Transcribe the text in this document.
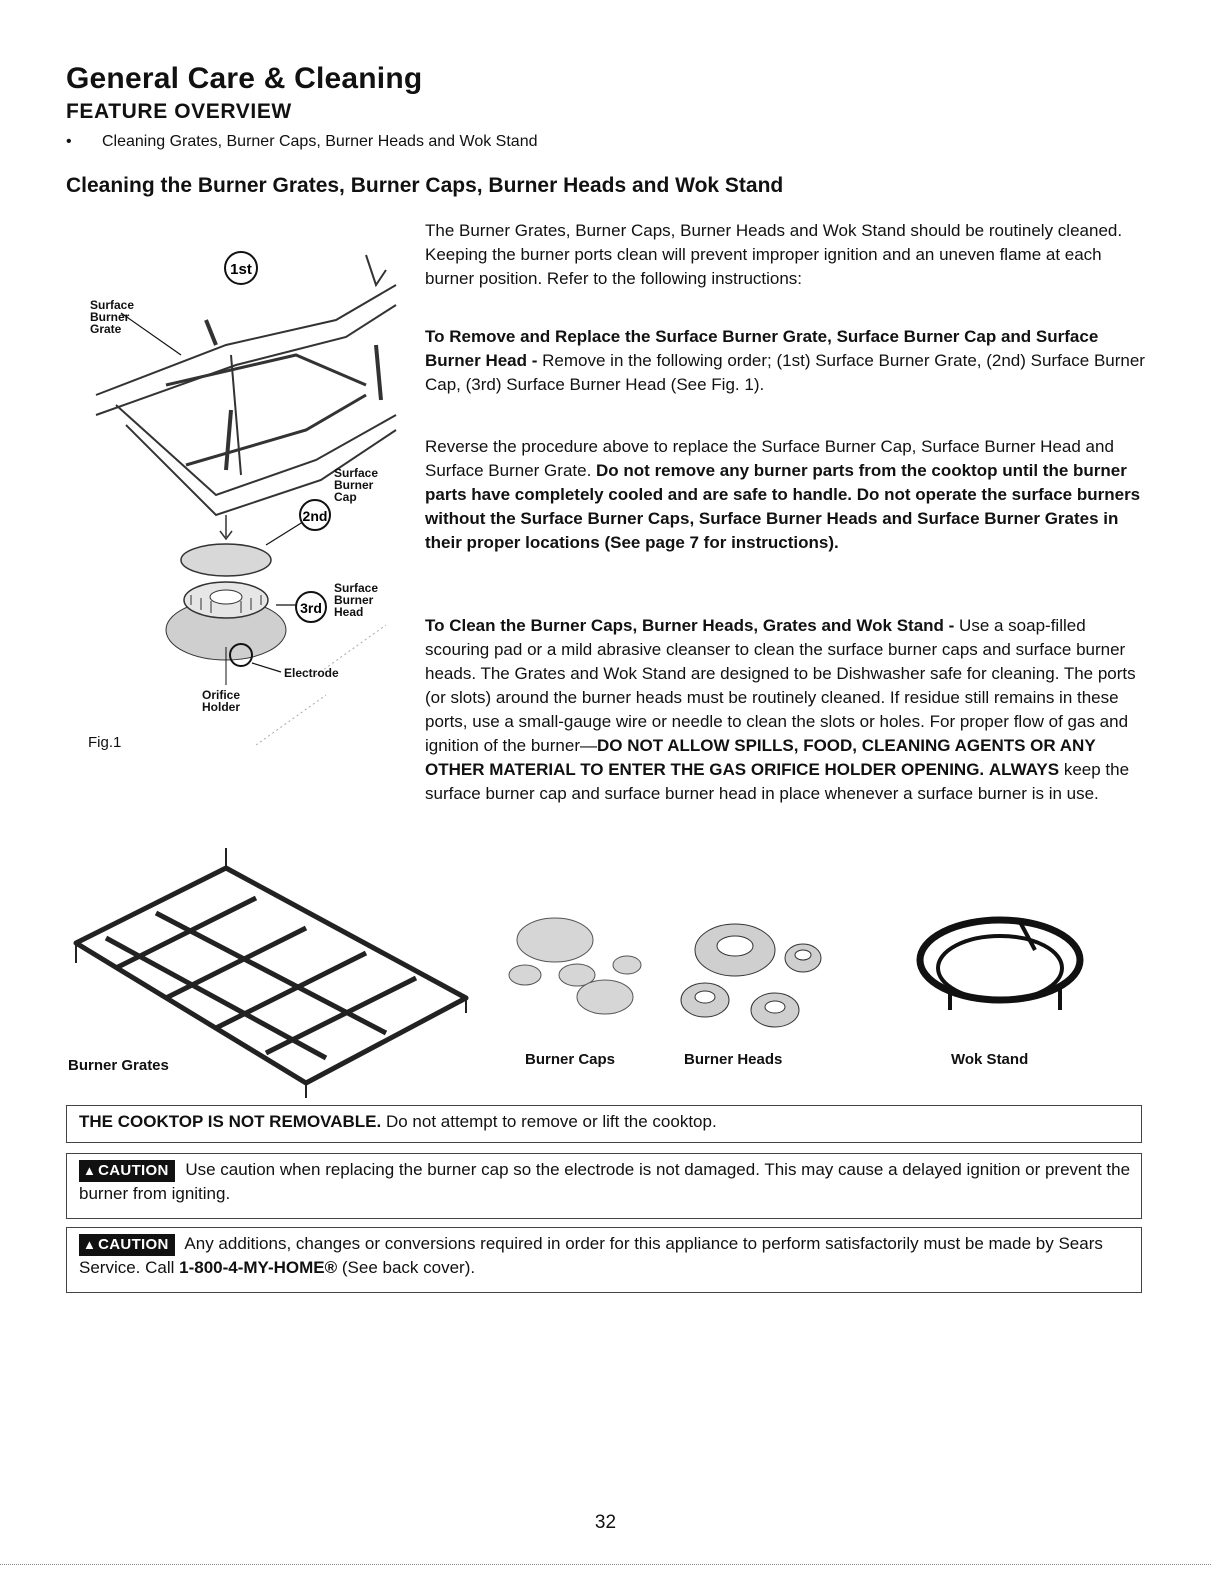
General Care & Cleaning
FEATURE OVERVIEW
• Cleaning Grates, Burner Caps, Burner Heads and Wok Stand
Cleaning the Burner Grates, Burner Caps, Burner Heads and Wok Stand
The Burner Grates, Burner Caps, Burner Heads and Wok Stand should be routinely cleaned. Keeping the burner ports clean will prevent improper ignition and an uneven flame at each burner position. Refer to the following instructions:
To Remove and Replace the Surface Burner Grate, Surface Burner Cap and Surface Burner Head - Remove in the following order; (1st) Surface Burner Grate, (2nd) Surface Burner Cap, (3rd) Surface Burner Head (See Fig. 1).
Reverse the procedure above to replace the Surface Burner Cap, Surface Burner Head and Surface Burner Grate. Do not remove any burner parts from the cooktop until the burner parts have completely cooled and are safe to handle. Do not operate the surface burners without the Surface Burner Caps, Surface Burner Heads and Surface Burner Grates in their proper locations (See page 7 for instructions).
To Clean the Burner Caps, Burner Heads, Grates and Wok Stand - Use a soap-filled scouring pad or a mild abrasive cleanser to clean the surface burner caps and surface burner heads. The Grates and Wok Stand are designed to be Dishwasher safe for cleaning. The ports (or slots) around the burner heads must be routinely cleaned. If residue still remains in these ports, use a small-gauge wire or needle to clean the slots or holes. For proper flow of gas and ignition of the burner—DO NOT ALLOW SPILLS, FOOD, CLEANING AGENTS OR ANY OTHER MATERIAL TO ENTER THE GAS ORIFICE HOLDER OPENING. ALWAYS keep the surface burner cap and surface burner head in place whenever a surface burner is in use.
1st
2nd
3rd
Surface
Burner
Grate
Surface
Burner
Cap
Surface
Burner
Head
Electrode
Orifice
Holder
Fig.1
Burner Grates	Burner Caps	Burner Heads	Wok Stand
THE COOKTOP IS NOT REMOVABLE. Do not attempt to remove or lift the cooktop.
▲ CAUTION Use caution when replacing the burner cap so the electrode is not damaged. This may cause a delayed ignition or prevent the burner from igniting.
▲ CAUTION Any additions, changes or conversions required in order for this appliance to perform satisfactorily must be made by Sears Service. Call 1-800-4-MY-HOME® (See back cover).
32
